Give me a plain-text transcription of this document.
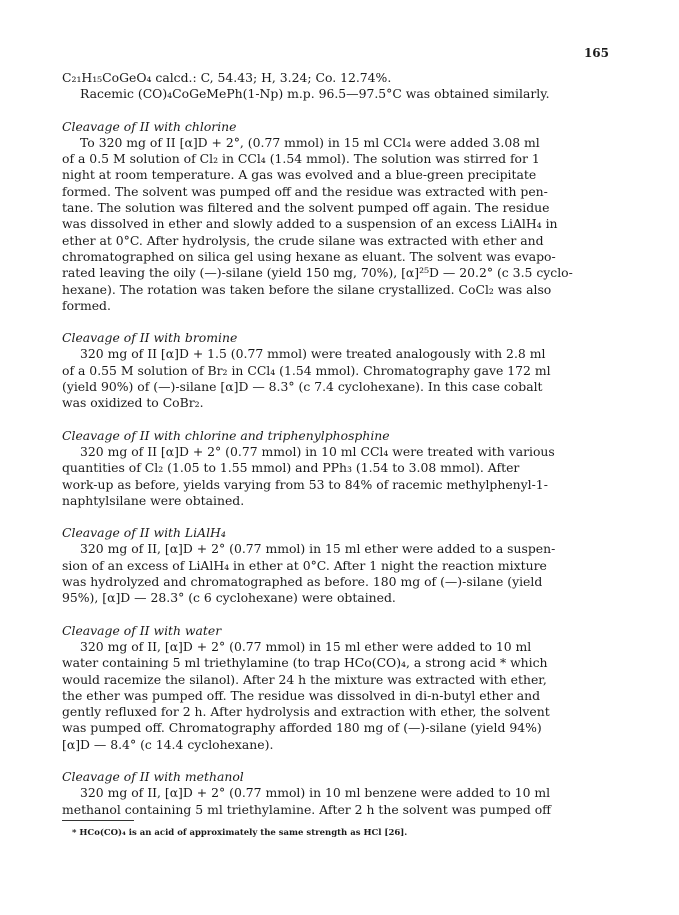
165
C₂₁H₁₅CoGeO₄ calcd.: C, 54.43; H, 3.24; Co. 12.74%.
Racemic (CO)₄CoGeMePh(1-Np) m.p. 96.5—97.5°C was obtained similarly.
Cleavage of II with chlorine
To 320 mg of II [α]D + 2°, (0.77 mmol) in 15 ml CCl₄ were added 3.08 ml
of a 0.5 M solution of Cl₂ in CCl₄ (1.54 mmol). The solution was stirred for 1
night at room temperature. A gas was evolved and a blue-green precipitate
formed. The solvent was pumped off and the residue was extracted with pen-
tane. The solution was filtered and the solvent pumped off again. The residue
was dissolved in ether and slowly added to a suspension of an excess LiAlH₄ in
ether at 0°C. After hydrolysis, the crude silane was extracted with ether and
chromatographed on silica gel using hexane as eluant. The solvent was evapo-
rated leaving the oily (—)-silane (yield 150 mg, 70%), [α]²⁵D — 20.2° (c 3.5 cyclo-
hexane). The rotation was taken before the silane crystallized. CoCl₂ was also
formed.
Cleavage of II with bromine
320 mg of II [α]D + 1.5 (0.77 mmol) were treated analogously with 2.8 ml
of a 0.55 M solution of Br₂ in CCl₄ (1.54 mmol). Chromatography gave 172 ml
(yield 90%) of (—)-silane [α]D — 8.3° (c 7.4 cyclohexane). In this case cobalt
was oxidized to CoBr₂.
Cleavage of II with chlorine and triphenylphosphine
320 mg of II [α]D + 2° (0.77 mmol) in 10 ml CCl₄ were treated with various
quantities of Cl₂ (1.05 to 1.55 mmol) and PPh₃ (1.54 to 3.08 mmol). After
work-up as before, yields varying from 53 to 84% of racemic methylphenyl-1-
naphtylsilane were obtained.
Cleavage of II with LiAlH₄
320 mg of II, [α]D + 2° (0.77 mmol) in 15 ml ether were added to a suspen-
sion of an excess of LiAlH₄ in ether at 0°C. After 1 night the reaction mixture
was hydrolyzed and chromatographed as before. 180 mg of (—)-silane (yield
95%), [α]D — 28.3° (c 6 cyclohexane) were obtained.
Cleavage of II with water
320 mg of II, [α]D + 2° (0.77 mmol) in 15 ml ether were added to 10 ml
water containing 5 ml triethylamine (to trap HCo(CO)₄, a strong acid * which
would racemize the silanol). After 24 h the mixture was extracted with ether,
the ether was pumped off. The residue was dissolved in di-n-butyl ether and
gently refluxed for 2 h. After hydrolysis and extraction with ether, the solvent
was pumped off. Chromatography afforded 180 mg of (—)-silane (yield 94%)
[α]D — 8.4° (c 14.4 cyclohexane).
Cleavage of II with methanol
320 mg of II, [α]D + 2° (0.77 mmol) in 10 ml benzene were added to 10 ml
methanol containing 5 ml triethylamine. After 2 h the solvent was pumped off
* HCo(CO)₄ is an acid of approximately the same strength as HCl [26].
